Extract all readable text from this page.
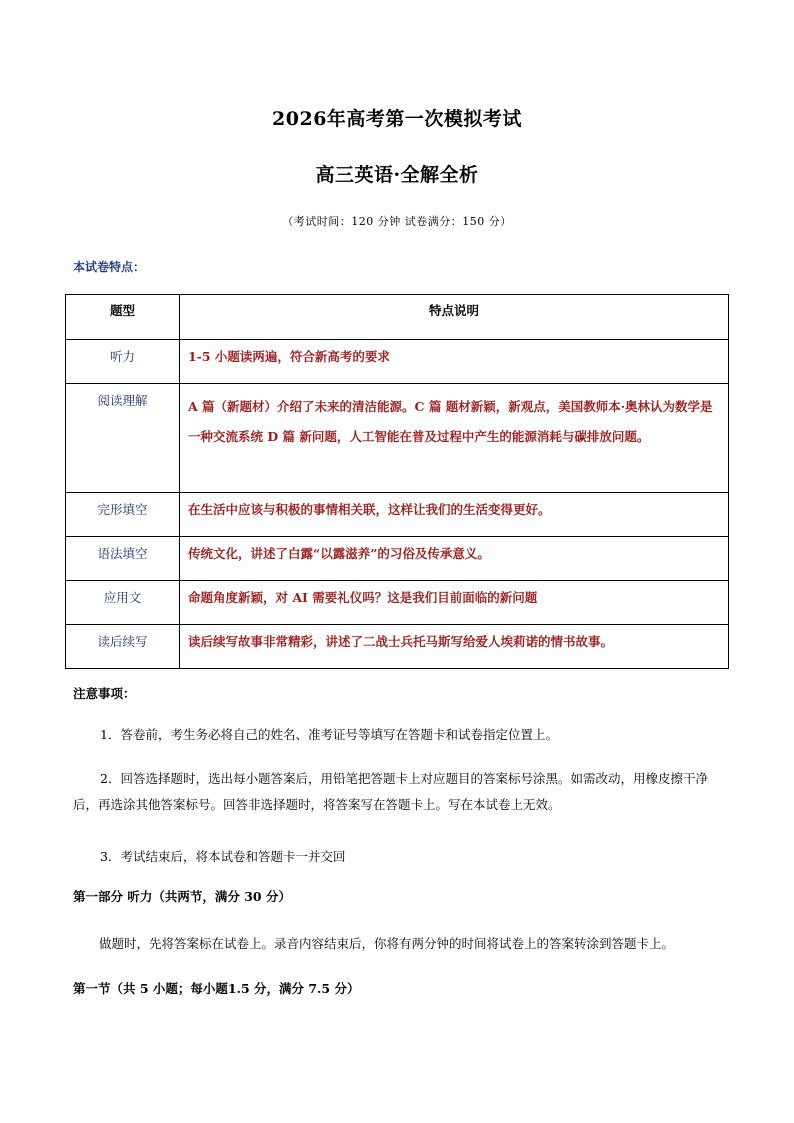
2026年高考第一次模拟考试
高三英语·全解全析
（考试时间：120 分钟 试卷满分：150 分）
本试卷特点：
题型	特点说明
听力	1-5 小题读两遍，符合新高考的要求
阅读理解	A 篇（新题材）介绍了未来的清洁能源。C 篇 题材新颖，新观点，美国教师本·奥林认为数学是一种交流系统 D 篇 新问题，人工智能在普及过程中产生的能源消耗与碳排放问题。
完形填空	在生活中应该与积极的事情相关联，这样让我们的生活变得更好。
语法填空	传统文化，讲述了白露“以露滋养”的习俗及传承意义。
应用文	命题角度新颖，对 AI 需要礼仪吗？这是我们目前面临的新问题
读后续写	读后续写故事非常精彩，讲述了二战士兵托马斯写给爱人埃莉诺的情书故事。
注意事项：
1．答卷前，考生务必将自己的姓名、准考证号等填写在答题卡和试卷指定位置上。
2．回答选择题时，选出每小题答案后，用铅笔把答题卡上对应题目的答案标号涂黑。如需改动，用橡皮擦干净后，再选涂其他答案标号。回答非选择题时，将答案写在答题卡上。写在本试卷上无效。
3．考试结束后，将本试卷和答题卡一并交回
第一部分 听力（共两节，满分 30 分）
做题时，先将答案标在试卷上。录音内容结束后，你将有两分钟的时间将试卷上的答案转涂到答题卡上。
第一节（共 5 小题；每小题1.5 分，满分 7.5 分）
